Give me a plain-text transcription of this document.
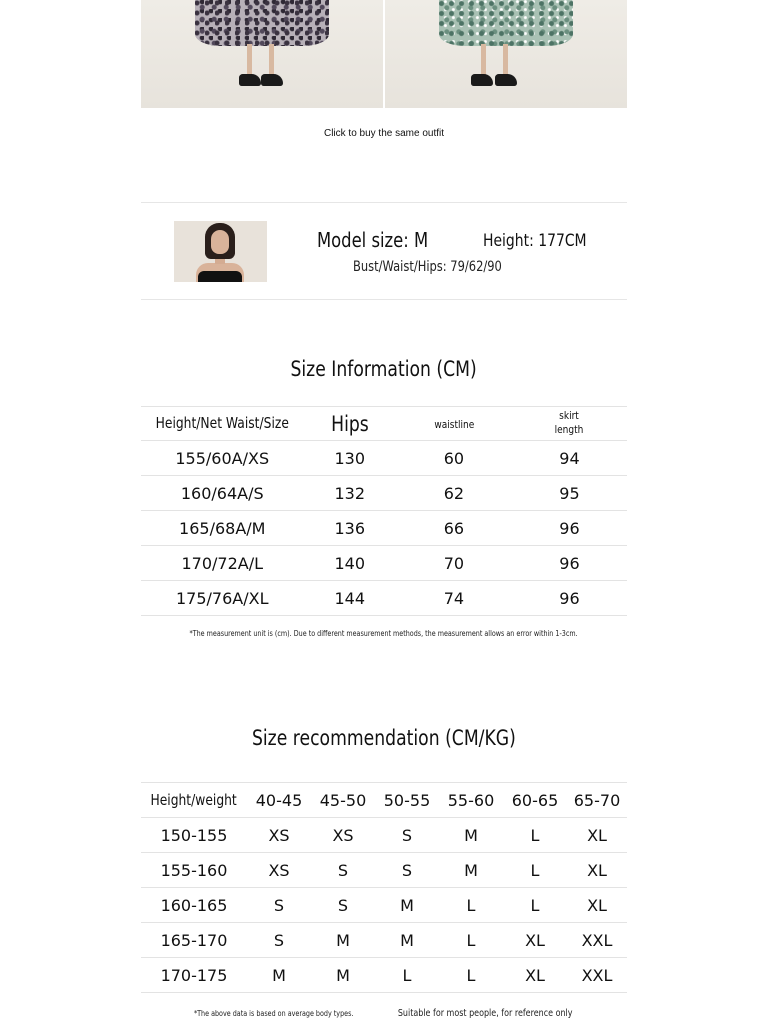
Click to buy the same outfit
Model size: M	Height: 177CM
Bust/Waist/Hips: 79/62/90
Size Information (CM)
Height/Net Waist/Size	Hips	waistline	skirt length
155/60A/XS	130	60	94
160/64A/S	132	62	95
165/68A/M	136	66	96
170/72A/L	140	70	96
175/76A/XL	144	74	96
*The measurement unit is (cm). Due to different measurement methods, the measurement allows an error within 1-3cm.
Size recommendation (CM/KG)
Height/weight	40-45	45-50	50-55	55-60	60-65	65-70
150-155	XS	XS	S	M	L	XL
155-160	XS	S	S	M	L	XL
160-165	S	S	M	L	L	XL
165-170	S	M	M	L	XL	XXL
170-175	M	M	L	L	XL	XXL
*The above data is based on average body types.	Suitable for most people, for reference only
